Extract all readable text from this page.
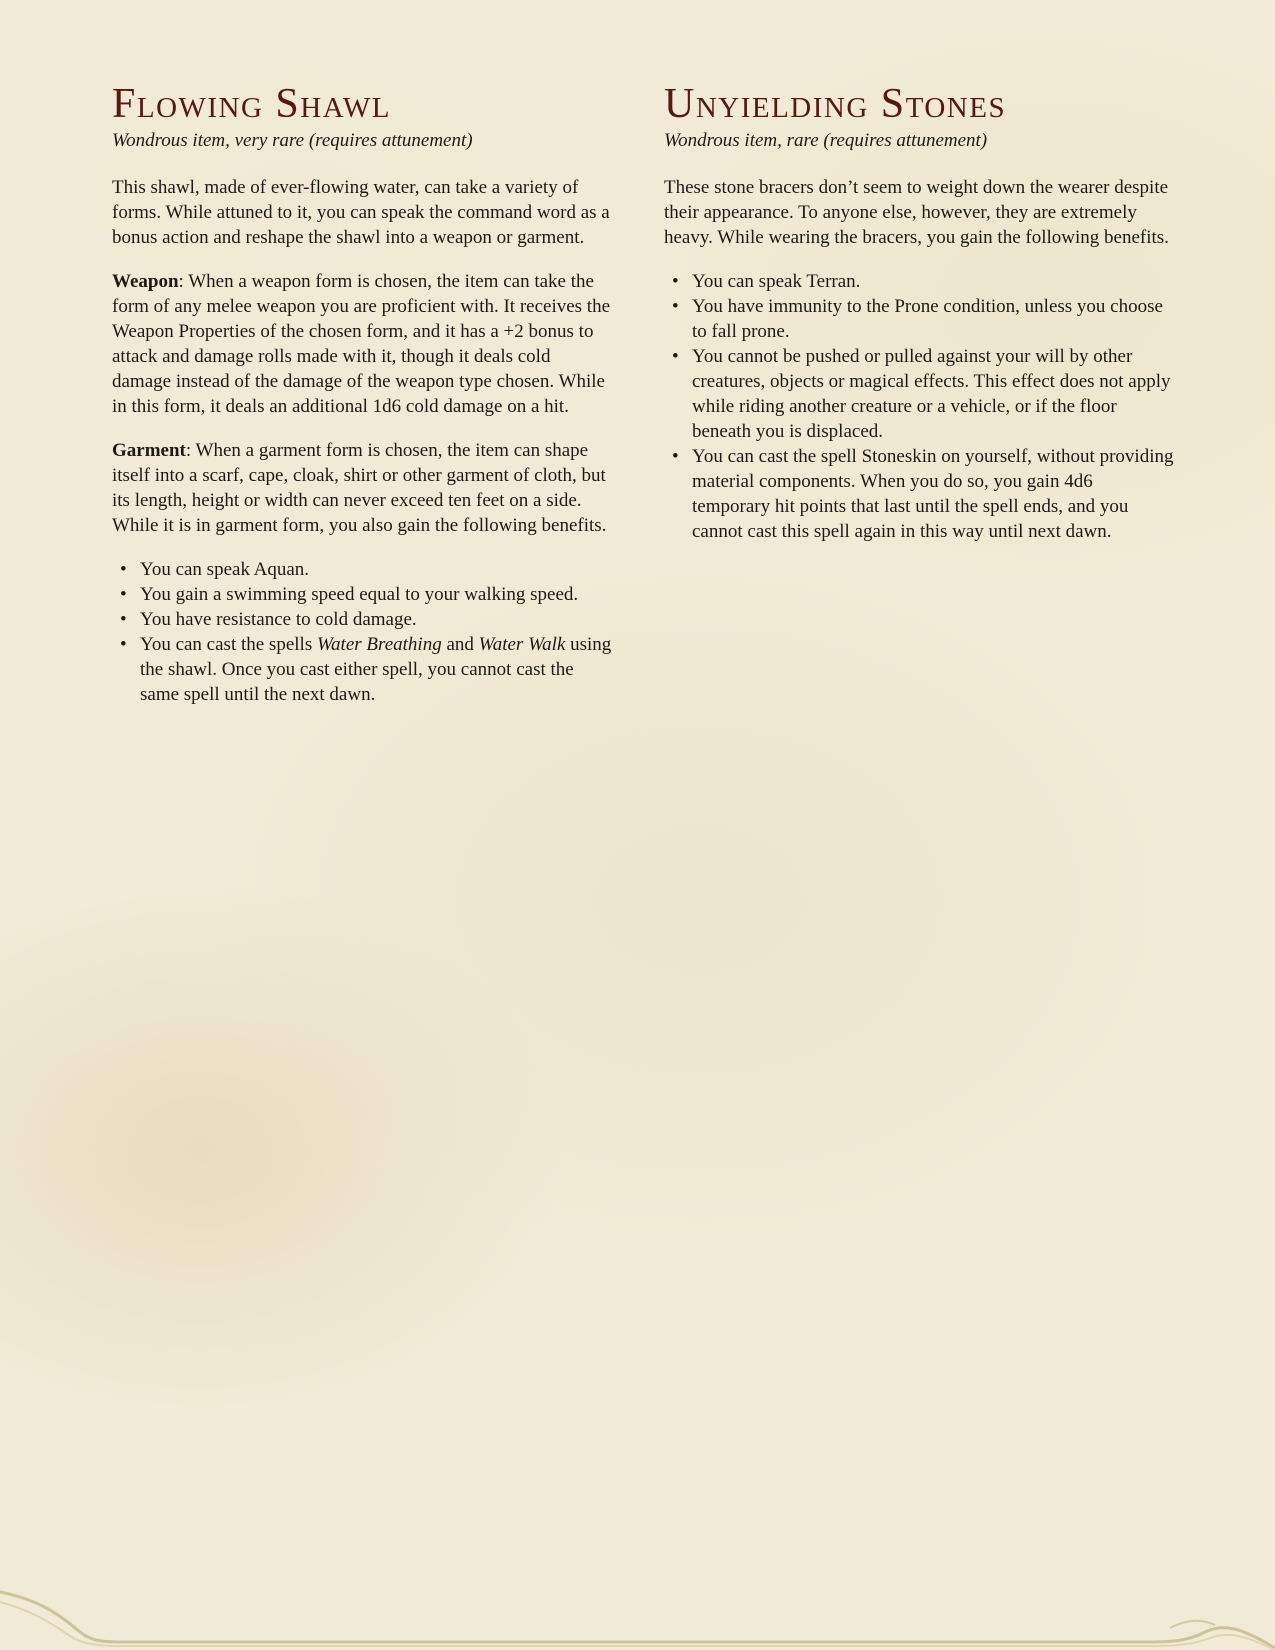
Flowing Shawl
Wondrous item, very rare (requires attunement)

This shawl, made of ever-flowing water, can take a variety of forms. While attuned to it, you can speak the command word as a bonus action and reshape the shawl into a weapon or garment.

Weapon: When a weapon form is chosen, the item can take the form of any melee weapon you are proficient with. It receives the Weapon Properties of the chosen form, and it has a +2 bonus to attack and damage rolls made with it, though it deals cold damage instead of the damage of the weapon type chosen. While in this form, it deals an additional 1d6 cold damage on a hit.

Garment: When a garment form is chosen, the item can shape itself into a scarf, cape, cloak, shirt or other garment of cloth, but its length, height or width can never exceed ten feet on a side. While it is in garment form, you also gain the following benefits.

• You can speak Aquan.
• You gain a swimming speed equal to your walking speed.
• You have resistance to cold damage.
• You can cast the spells Water Breathing and Water Walk using the shawl. Once you cast either spell, you cannot cast the same spell until the next dawn.
Unyielding Stones
Wondrous item, rare (requires attunement)

These stone bracers don’t seem to weight down the wearer despite their appearance. To anyone else, however, they are extremely heavy. While wearing the bracers, you gain the following benefits.

• You can speak Terran.
• You have immunity to the Prone condition, unless you choose to fall prone.
• You cannot be pushed or pulled against your will by other creatures, objects or magical effects. This effect does not apply while riding another creature or a vehicle, or if the floor beneath you is displaced.
• You can cast the spell Stoneskin on yourself, without providing material components. When you do so, you gain 4d6 temporary hit points that last until the spell ends, and you cannot cast this spell again in this way until next dawn.
